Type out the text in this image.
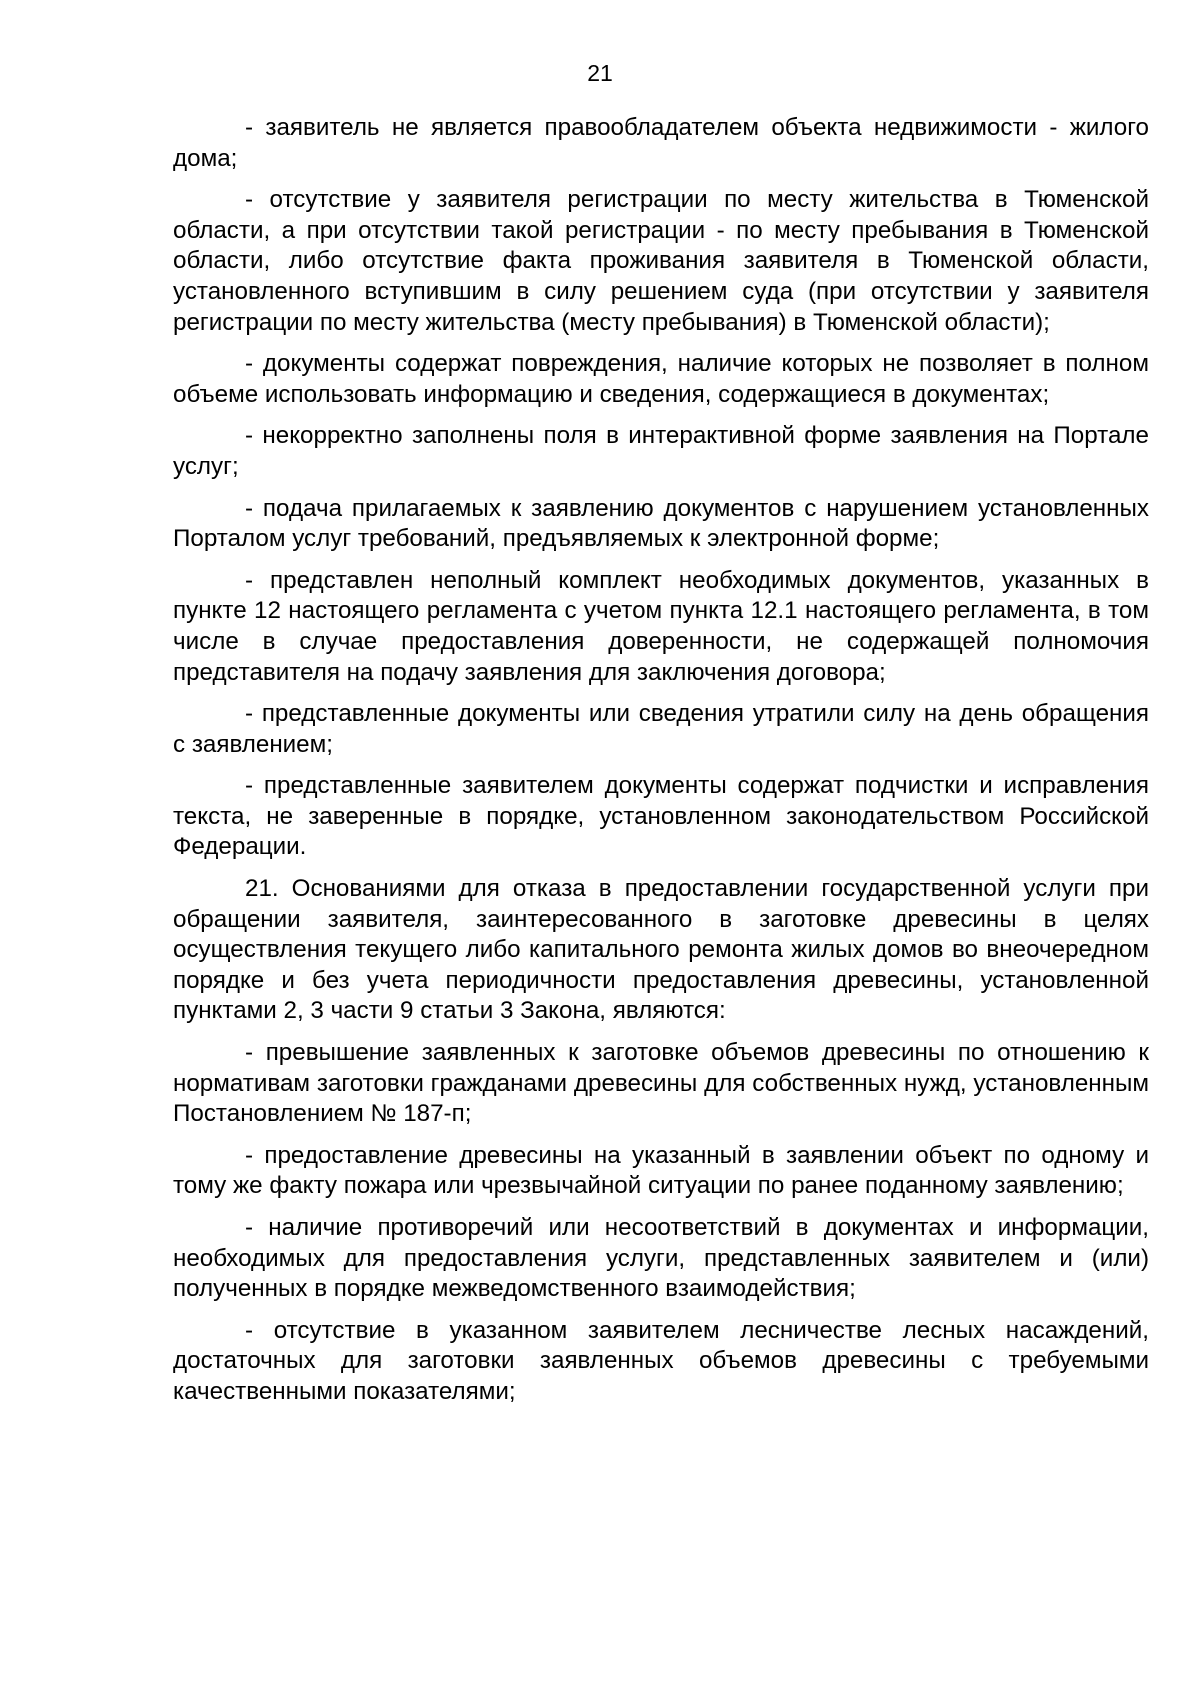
21

- заявитель не является правообладателем объекта недвижимости - жилого дома;

- отсутствие у заявителя регистрации по месту жительства в Тюменской области, а при отсутствии такой регистрации - по месту пребывания в Тюменской области, либо отсутствие факта проживания заявителя в Тюменской области, установленного вступившим в силу решением суда (при отсутствии у заявителя регистрации по месту жительства (месту пребывания) в Тюменской области);

- документы содержат повреждения, наличие которых не позволяет в полном объеме использовать информацию и сведения, содержащиеся в документах;

- некорректно заполнены поля в интерактивной форме заявления на Портале услуг;

- подача прилагаемых к заявлению документов с нарушением установленных Порталом услуг требований, предъявляемых к электронной форме;

- представлен неполный комплект необходимых документов, указанных в пункте 12 настоящего регламента с учетом пункта 12.1 настоящего регламента, в том числе в случае предоставления доверенности, не содержащей полномочия представителя на подачу заявления для заключения договора;

- представленные документы или сведения утратили силу на день обращения с заявлением;

- представленные заявителем документы содержат подчистки и исправления текста, не заверенные в порядке, установленном законодательством Российской Федерации.

21. Основаниями для отказа в предоставлении государственной услуги при обращении заявителя, заинтересованного в заготовке древесины в целях осуществления текущего либо капитального ремонта жилых домов во внеочередном порядке и без учета периодичности предоставления древесины, установленной пунктами 2, 3 части 9 статьи 3 Закона, являются:

- превышение заявленных к заготовке объемов древесины по отношению к нормативам заготовки гражданами древесины для собственных нужд, установленным Постановлением № 187-п;

- предоставление древесины на указанный в заявлении объект по одному и тому же факту пожара или чрезвычайной ситуации по ранее поданному заявлению;

- наличие противоречий или несоответствий в документах и информации, необходимых для предоставления услуги, представленных заявителем и (или) полученных в порядке межведомственного взаимодействия;

- отсутствие в указанном заявителем лесничестве лесных насаждений, достаточных для заготовки заявленных объемов древесины с требуемыми качественными показателями;
